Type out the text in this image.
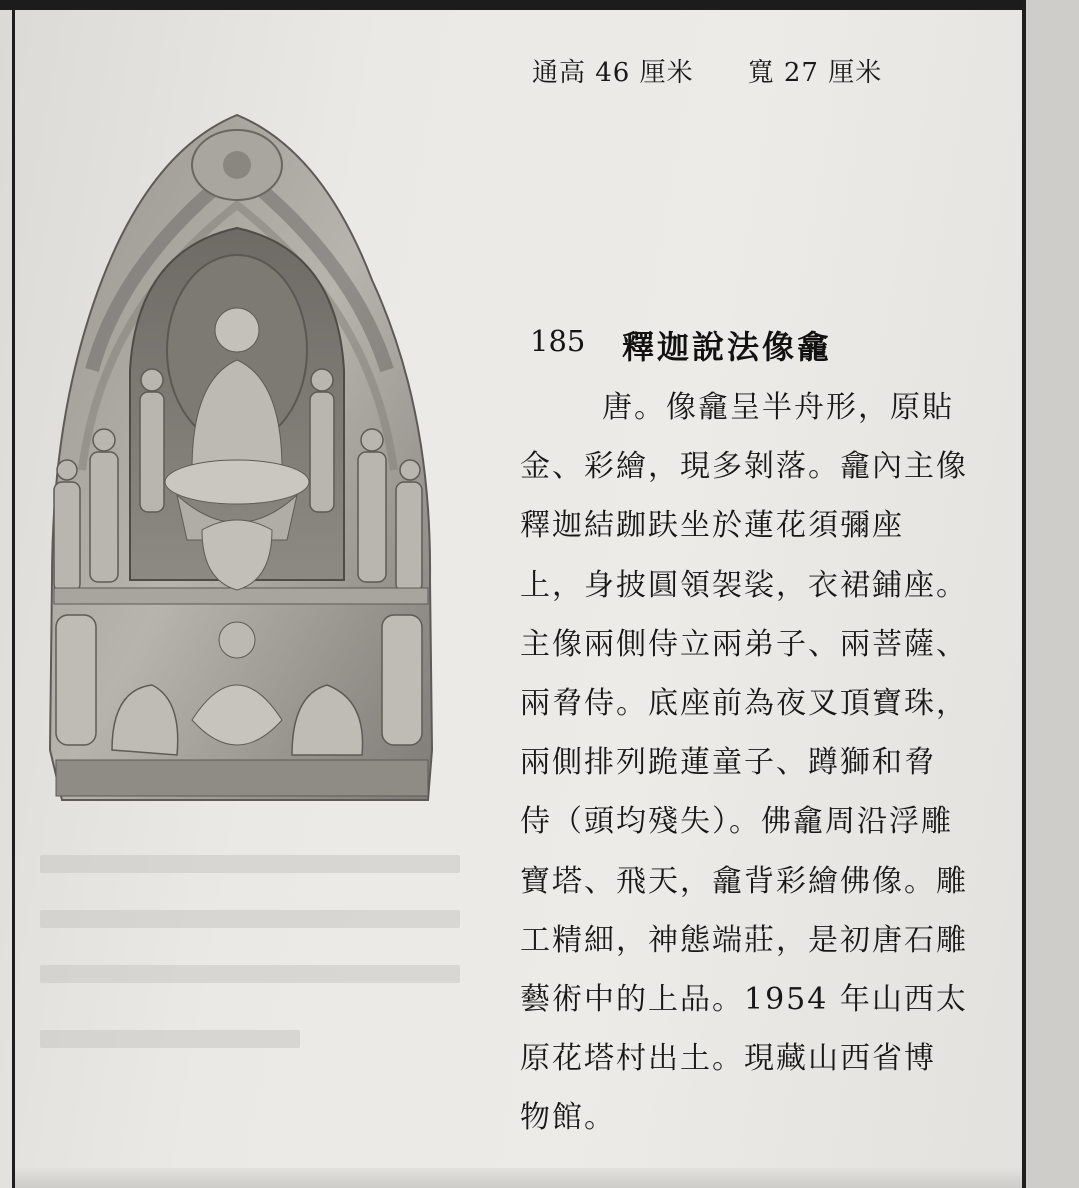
通高 46 厘米　　寬 27 厘米
185 釋迦說法像龕
唐。像龕呈半舟形，原貼
金、彩繪，現多剝落。龕內主像
釋迦結跏趺坐於蓮花須彌座
上，身披圓領袈裟，衣裙鋪座。
主像兩側侍立兩弟子、兩菩薩、
兩脅侍。底座前為夜叉頂寶珠，
兩側排列跪蓮童子、蹲獅和脅
侍（頭均殘失）。佛龕周沿浮雕
寶塔、飛天，龕背彩繪佛像。雕
工精細，神態端莊，是初唐石雕
藝術中的上品。1954 年山西太
原花塔村出土。現藏山西省博
物館。
